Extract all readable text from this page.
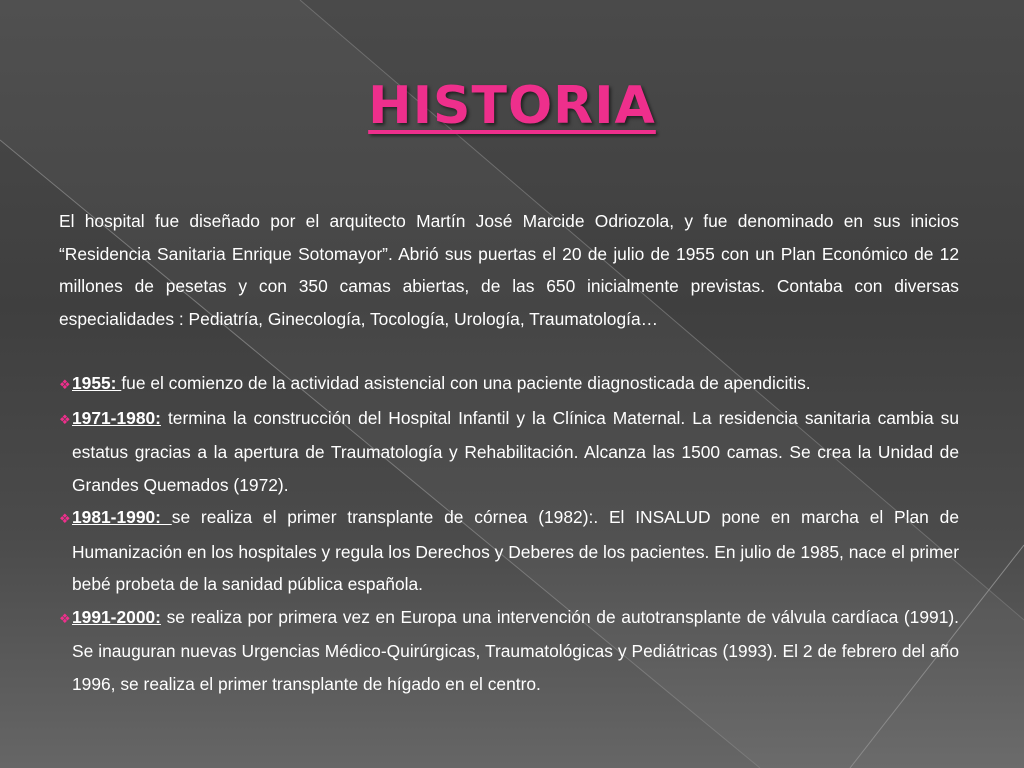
HISTORIA

El hospital fue diseñado por el arquitecto Martín José Marcide Odriozola, y fue denominado en sus inicios “Residencia Sanitaria Enrique Sotomayor”. Abrió sus puertas el 20 de julio de 1955 con un Plan Económico de 12 millones de pesetas y con 350 camas abiertas, de las 650 inicialmente previstas. Contaba con diversas especialidades : Pediatría, Ginecología, Tocología, Urología, Traumatología…

❖1955: fue el comienzo de la actividad asistencial con una paciente diagnosticada de apendicitis.

❖1971-1980: termina la construcción del Hospital Infantil y la Clínica Maternal. La residencia sanitaria cambia su estatus gracias a la apertura de Traumatología y Rehabilitación. Alcanza las 1500 camas. Se crea la Unidad de Grandes Quemados (1972).

❖1981-1990: se realiza el primer transplante de córnea (1982):. El INSALUD pone en marcha el Plan de Humanización en los hospitales y regula los Derechos y Deberes de los pacientes. En julio de 1985, nace el primer bebé probeta de la sanidad pública española.

❖1991-2000: se realiza por primera vez en Europa una intervención de autotransplante de válvula cardíaca (1991). Se inauguran nuevas Urgencias Médico-Quirúrgicas, Traumatológicas y Pediátricas (1993). El 2 de febrero del año 1996, se realiza el primer transplante de hígado en el centro.
